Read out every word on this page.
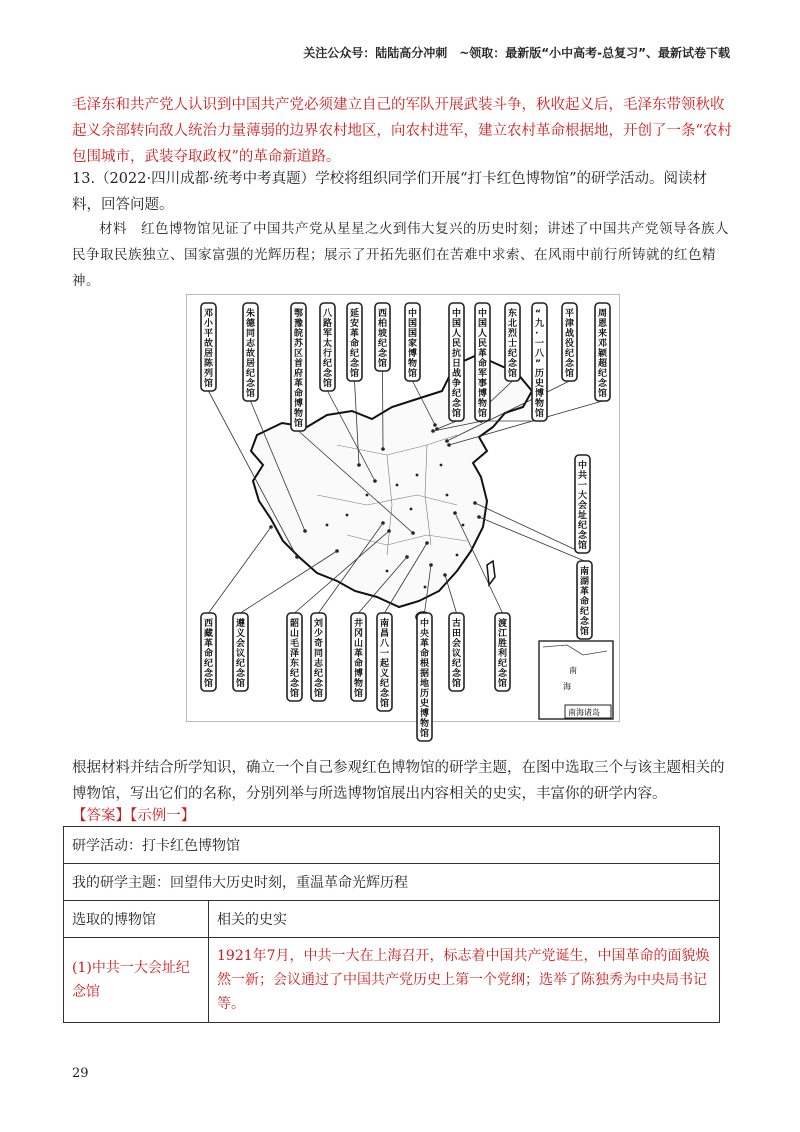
关注公众号：陆陆高分冲刺　~领取：最新版“小中高考-总复习”、最新试卷下载

毛泽东和共产党人认识到中国共产党必须建立自己的军队开展武装斗争，秋收起义后，毛泽东带领秋收起义余部转向敌人统治力量薄弱的边界农村地区，向农村进军，建立农村革命根据地，开创了一条“农村包围城市，武装夺取政权”的革命新道路。

13.（2022·四川成都·统考中考真题）学校将组织同学们开展“打卡红色博物馆”的研学活动。阅读材料，回答问题。

材料　红色博物馆见证了中国共产党从星星之火到伟大复兴的历史时刻；讲述了中国共产党领导各族人民争取民族独立、国家富强的光辉历程；展示了开拓先驱们在苦难中求索、在风雨中前行所铸就的红色精神。

邓
小
平
故
居
陈
列
馆
朱
德
同
志
故
居
纪
念
馆
鄂
豫
皖
苏
区
首
府
革
命
博
物
馆
八
路
军
太
行
纪
念
馆
延
安
革
命
纪
念
馆
西
柏
坡
纪
念
馆
中
国
国
家
博
物
馆
中
国
人
民
抗
日
战
争
纪
念
馆
中
国
人
民
革
命
军
事
博
物
馆
东
北
烈
士
纪
念
馆
“
九
·
一
八
”
历
史
博
物
馆
平
津
战
役
纪
念
馆
周
恩
来
邓
颖
超
纪
念
馆
中
共
一
大
会
址
纪
念
馆
南
湖
革
命
纪
念
馆
西
藏
革
命
纪
念
馆
遵
义
会
议
纪
念
馆
韶
山
毛
泽
东
纪
念
馆
刘
少
奇
同
志
纪
念
馆
井
冈
山
革
命
博
物
馆
南
昌
八
一
起
义
纪
念
馆
中
央
革
命
根
据
地
历
史
博
物
馆
古
田
会
议
纪
念
馆
渡
江
胜
利
纪
念
馆
南
海
南海诸岛

根据材料并结合所学知识，确立一个自己参观红色博物馆的研学主题，在图中选取三个与该主题相关的博物馆，写出它们的名称，分别列举与所选博物馆展出内容相关的史实，丰富你的研学内容。

【答案】【示例一】
研学活动：打卡红色博物馆	
我的研学主题：回望伟大历史时刻，重温革命光辉历程	
选取的博物馆	相关的史实
(1)中共一大会址纪念馆	1921年7月，中共一大在上海召开，标志着中国共产党诞生，中国革命的面貌焕然一新；会议通过了中国共产党历史上第一个党纲；选举了陈独秀为中央局书记等。
29
